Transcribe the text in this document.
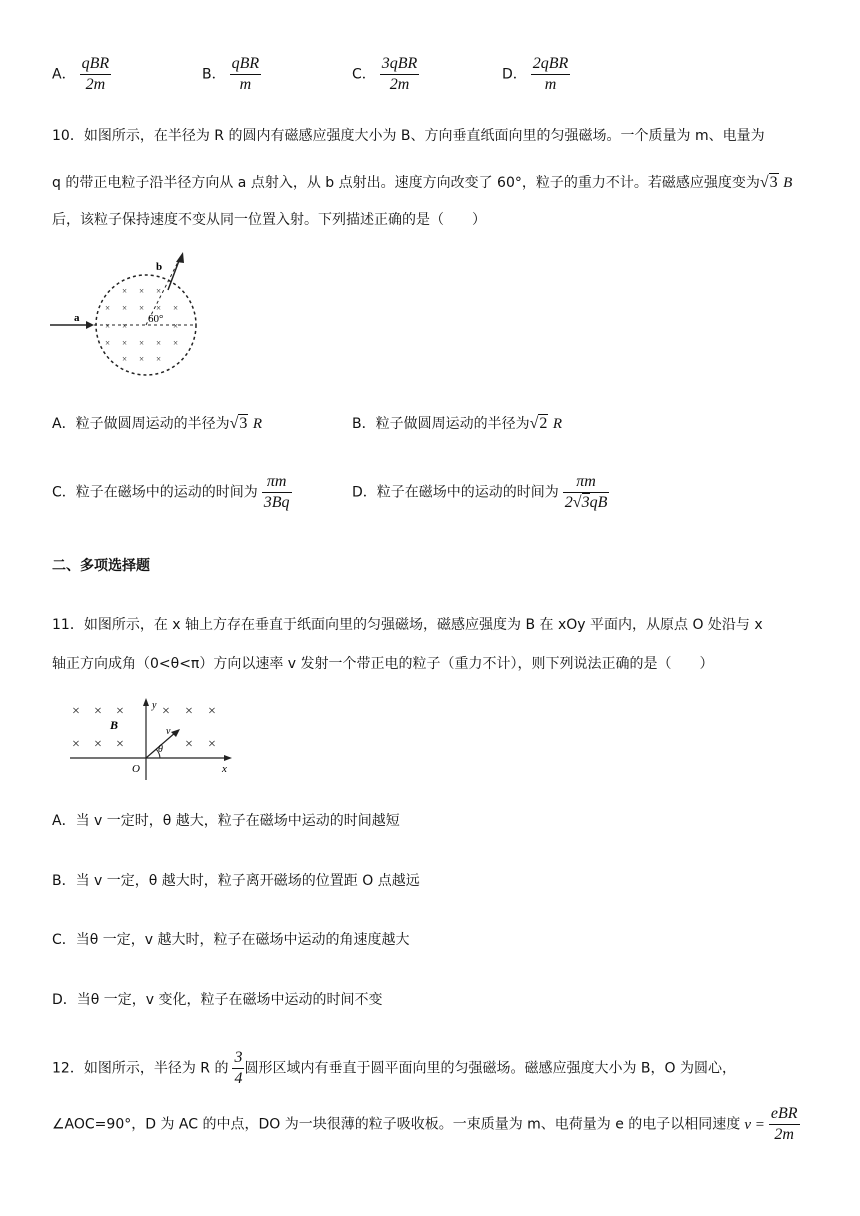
A． $\frac{\text{qBR}}{2m}$	B． $\frac{\text{qBR}}{m}$	C． $\frac{\text{3qBR}}{2m}$	D． $\frac{\text{2qBR}}{m}$
10．如图所示，在半径为 R 的圆内有磁感应强度大小为 B、方向垂直纸面向里的匀强磁场。一个质量为 m、电量为
q 的带正电粒子沿半径方向从 a 点射入，从 b 点射出。速度方向改变了 60°，粒子的重力不计。若磁感应强度变为√3 B
后，该粒子保持速度不变从同一位置入射。下列描述正确的是（　　）
× × ×
× × × × ×
× ×	×
× × × × ×
× × ×
a
b
60°
A．粒子做圆周运动的半径为√3 R	B．粒子做圆周运动的半径为√2 R
C．粒子在磁场中的运动的时间为 $\frac{\pi m}{3Bq}$	D．粒子在磁场中的运动的时间为 $\frac{\pi m}{2√3qB}$
二、多项选择题
11．如图所示，在 x 轴上方存在垂直于纸面向里的匀强磁场，磁感应强度为 B 在 xOy 平面内，从原点 O 处沿与 x
轴正方向成角（0<θ<π）方向以速率 v 发射一个带正电的粒子（重力不计），则下列说法正确的是（　　）
× × ×	× × ×
× × ×	× ×
y
x
O
B	v
θ
A．当 v 一定时，θ 越大，粒子在磁场中运动的时间越短
B．当 v 一定，θ 越大时，粒子离开磁场的位置距 O 点越远
C．当θ 一定，v 越大时，粒子在磁场中运动的角速度越大
D．当θ 一定，v 变化，粒子在磁场中运动的时间不变
12．如图所示，半径为 R 的 $\frac{3}{4}$ 圆形区域内有垂直于圆平面向里的匀强磁场。磁感应强度大小为 B，O 为圆心，
∠AOC=90°，D 为 AC 的中点，DO 为一块很薄的粒子吸收板。一束质量为 m、电荷量为 e 的电子以相同速度 $v = \frac{\text{eBR}}{2m}$
